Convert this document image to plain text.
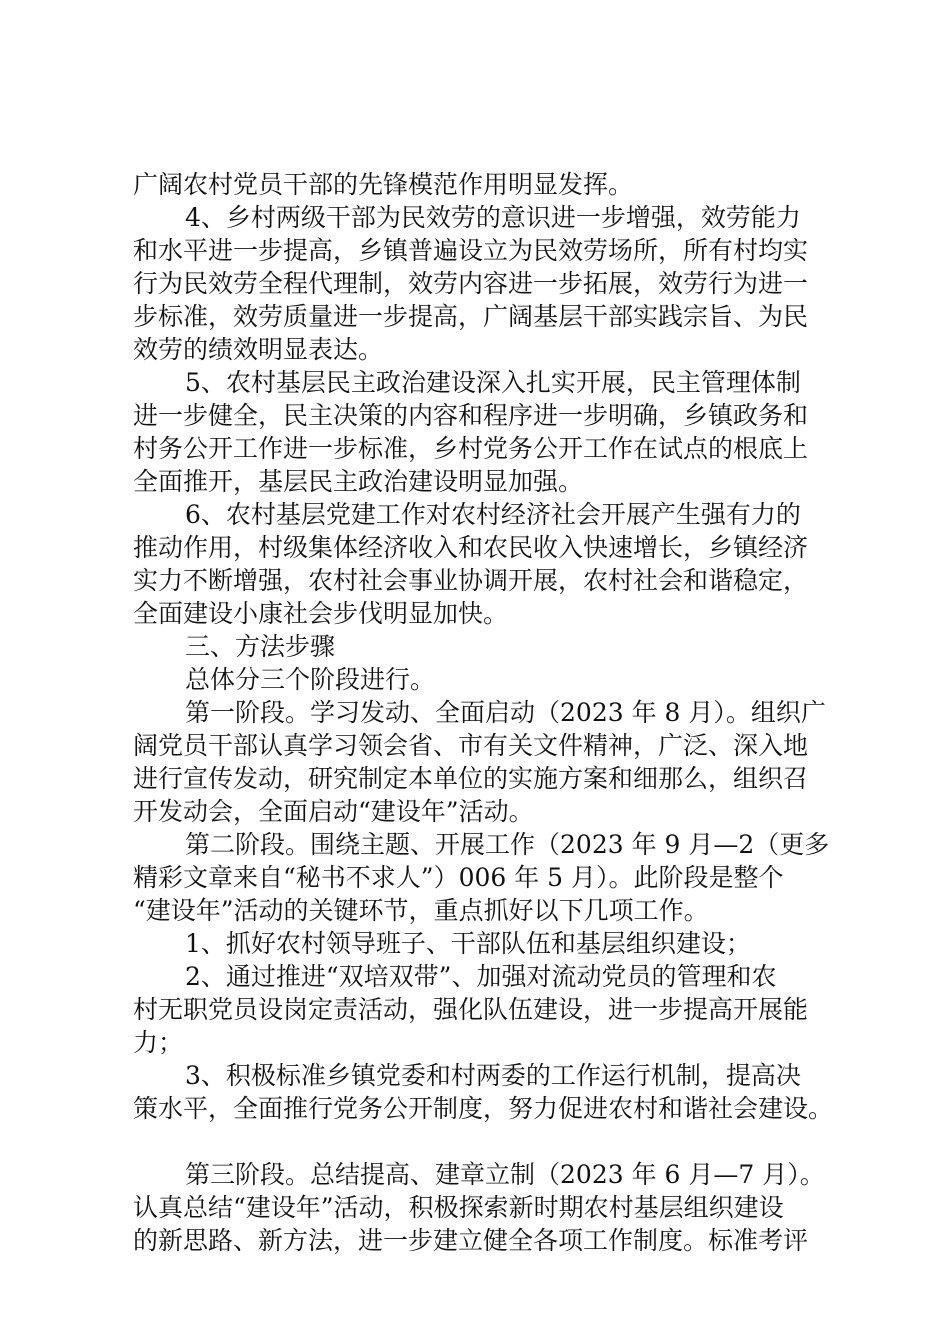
广阔农村党员干部的先锋模范作用明显发挥。
4、乡村两级干部为民效劳的意识进一步增强，效劳能力
和水平进一步提高，乡镇普遍设立为民效劳场所，所有村均实
行为民效劳全程代理制，效劳内容进一步拓展，效劳行为进一
步标准，效劳质量进一步提高，广阔基层干部实践宗旨、为民
效劳的绩效明显表达。
5、农村基层民主政治建设深入扎实开展，民主管理体制
进一步健全，民主决策的内容和程序进一步明确，乡镇政务和
村务公开工作进一步标准，乡村党务公开工作在试点的根底上
全面推开，基层民主政治建设明显加强。
6、农村基层党建工作对农村经济社会开展产生强有力的
推动作用，村级集体经济收入和农民收入快速增长，乡镇经济
实力不断增强，农村社会事业协调开展，农村社会和谐稳定，
全面建设小康社会步伐明显加快。
三、方法步骤
总体分三个阶段进行。
第一阶段。学习发动、全面启动（2023 年 8 月）。组织广
阔党员干部认真学习领会省、市有关文件精神，广泛、深入地
进行宣传发动，研究制定本单位的实施方案和细那么，组织召
开发动会，全面启动“建设年”活动。
第二阶段。围绕主题、开展工作（2023 年 9 月—2（更多
精彩文章来自“秘书不求人”）006 年 5 月）。此阶段是整个
“建设年”活动的关键环节，重点抓好以下几项工作。
1、抓好农村领导班子、干部队伍和基层组织建设；
2、通过推进“双培双带”、加强对流动党员的管理和农
村无职党员设岗定责活动，强化队伍建设，进一步提高开展能
力；
3、积极标准乡镇党委和村两委的工作运行机制，提高决
策水平，全面推行党务公开制度，努力促进农村和谐社会建设。
第三阶段。总结提高、建章立制（2023 年 6 月—7 月）。
认真总结“建设年”活动，积极探索新时期农村基层组织建设
的新思路、新方法，进一步建立健全各项工作制度。标准考评
